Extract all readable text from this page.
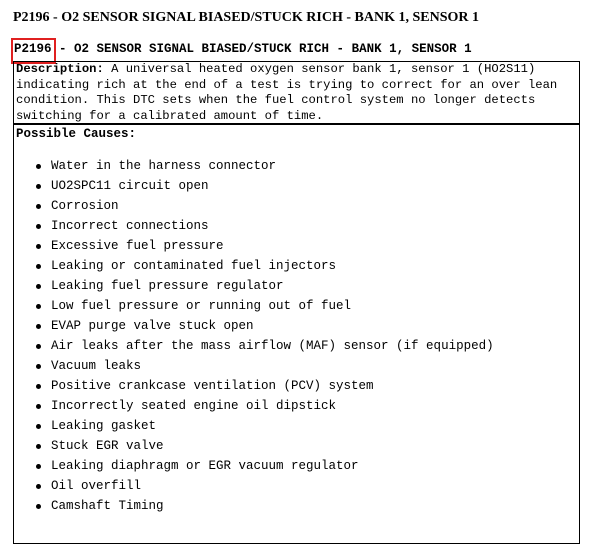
P2196 - O2 SENSOR SIGNAL BIASED/STUCK RICH - BANK 1, SENSOR 1
P2196 - O2 SENSOR SIGNAL BIASED/STUCK RICH - BANK 1, SENSOR 1
Description: A universal heated oxygen sensor bank 1, sensor 1 (HO2S11) indicating rich at the end of a test is trying to correct for an over lean condition. This DTC sets when the fuel control system no longer detects switching for a calibrated amount of time.
Possible Causes:
Water in the harness connector
UO2SPC11 circuit open
Corrosion
Incorrect connections
Excessive fuel pressure
Leaking or contaminated fuel injectors
Leaking fuel pressure regulator
Low fuel pressure or running out of fuel
EVAP purge valve stuck open
Air leaks after the mass airflow (MAF) sensor (if equipped)
Vacuum leaks
Positive crankcase ventilation (PCV) system
Incorrectly seated engine oil dipstick
Leaking gasket
Stuck EGR valve
Leaking diaphragm or EGR vacuum regulator
Oil overfill
Camshaft Timing
